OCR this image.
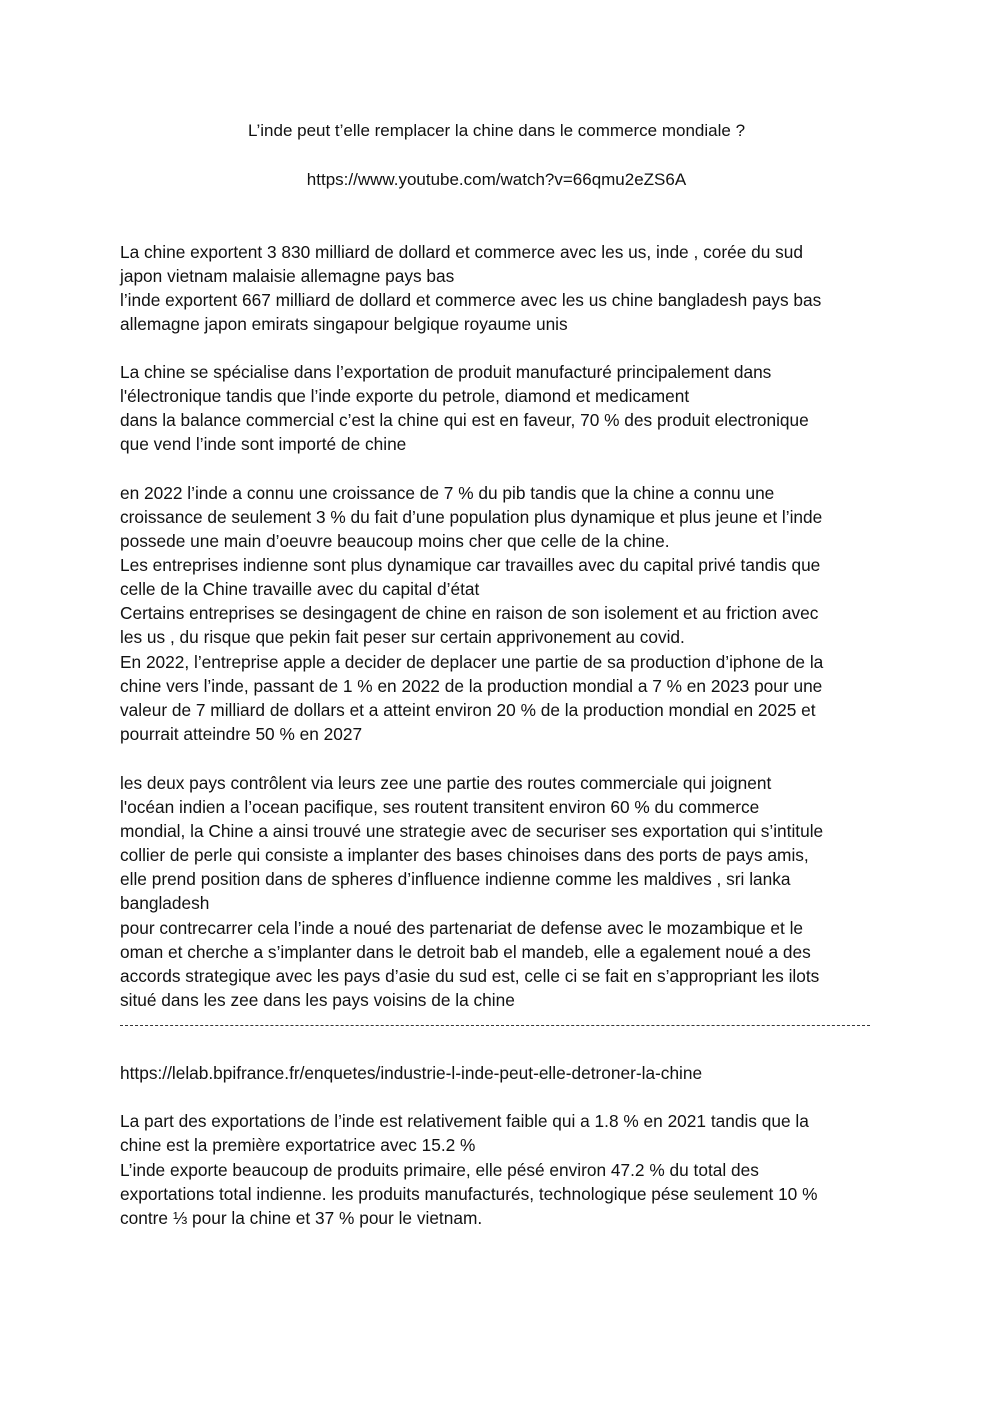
L’inde peut t’elle remplacer la chine dans le commerce mondiale ?
https://www.youtube.com/watch?v=66qmu2eZS6A
La chine exportent 3 830 milliard de dollard et commerce avec les us, inde , corée du sud
japon vietnam malaisie allemagne pays bas
l’inde exportent 667 milliard de dollard et commerce avec les us chine bangladesh pays bas
allemagne japon emirats singapour belgique royaume unis
La chine se spécialise dans l’exportation de produit manufacturé principalement dans
l'électronique tandis que l’inde exporte du petrole, diamond et medicament
dans la balance commercial c’est la chine qui est en faveur, 70 % des produit electronique
que vend l’inde sont importé de chine
en 2022 l’inde a connu une croissance de 7 % du pib tandis que la chine a connu une
croissance de seulement 3 % du fait d’une population plus dynamique et plus jeune et l’inde
possede une main d’oeuvre beaucoup moins cher que celle de la chine.
Les entreprises indienne sont plus dynamique car travailles avec du capital privé tandis que
celle de la Chine travaille avec du capital d’état
Certains entreprises se desingagent de chine en raison de son isolement et au friction avec
les us , du risque que pekin fait peser sur certain apprivonement au covid.
En 2022, l’entreprise apple a decider de deplacer une partie de sa production d’iphone de la
chine vers l’inde, passant de 1 % en 2022 de la production mondial a 7 % en 2023 pour une
valeur de 7 milliard de dollars et a atteint environ 20 % de la production mondial en 2025 et
pourrait atteindre 50 % en 2027
les deux pays contrôlent via leurs zee une partie des routes commerciale qui joignent
l'océan indien a l’ocean pacifique, ses routent transitent environ 60 % du commerce
mondial, la Chine a ainsi trouvé une strategie avec de securiser ses exportation qui s’intitule
collier de perle qui consiste a implanter des bases chinoises dans des ports de pays amis,
elle prend position dans de spheres d’influence indienne comme les maldives , sri lanka
bangladesh
pour contrecarrer cela l’inde a noué des partenariat de defense avec le mozambique et le
oman et cherche a s’implanter dans le detroit bab el mandeb, elle a egalement noué a des
accords strategique avec les pays d’asie du sud est, celle ci se fait en s’appropriant les ilots
situé dans les zee dans les pays voisins de la chine
https://lelab.bpifrance.fr/enquetes/industrie-l-inde-peut-elle-detroner-la-chine
La part des exportations de l’inde est relativement faible qui a 1.8 % en 2021 tandis que la
chine est la première exportatrice avec 15.2 %
L’inde exporte beaucoup de produits primaire, elle pésé environ 47.2 % du total des
exportations total indienne. les produits manufacturés, technologique pése seulement 10 %
contre ⅓ pour la chine et 37 % pour le vietnam.
